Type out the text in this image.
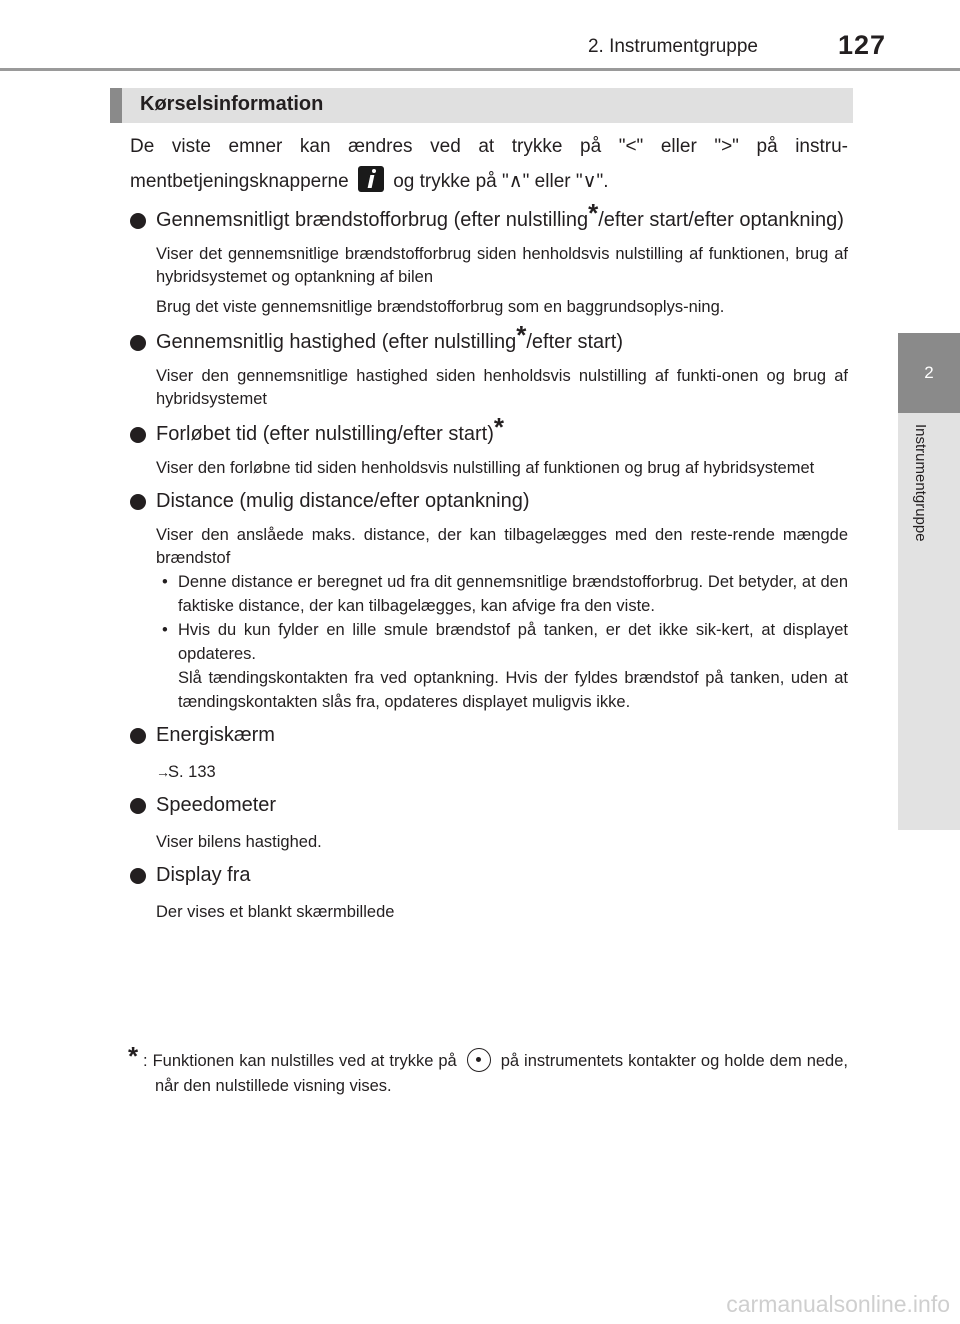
2. Instrumentgruppe	127
2
Instrumentgruppe
Kørselsinformation

De viste emner kan ændres ved at trykke på "<" eller ">" på instru-mentbetjeningsknapperne og trykke på "∧" eller "∨".

Gennemsnitligt brændstofforbrug (efter nulstilling*/efter start/efter optankning)

Viser det gennemsnitlige brændstofforbrug siden henholdsvis nulstilling af funktionen, brug af hybridsystemet og optankning af bilen

Brug det viste gennemsnitlige brændstofforbrug som en baggrundsoplys-ning.

Gennemsnitlig hastighed (efter nulstilling*/efter start)

Viser den gennemsnitlige hastighed siden henholdsvis nulstilling af funkti-onen og brug af hybridsystemet

Forløbet tid (efter nulstilling/efter start)*

Viser den forløbne tid siden henholdsvis nulstilling af funktionen og brug af hybridsystemet

Distance (mulig distance/efter optankning)

Viser den anslåede maks. distance, der kan tilbagelægges med den reste-rende mængde brændstof

• Denne distance er beregnet ud fra dit gennemsnitlige brændstofforbrug. Det betyder, at den faktiske distance, der kan tilbagelægges, kan afvige fra den viste.
• Hvis du kun fylder en lille smule brændstof på tanken, er det ikke sik-kert, at displayet opdateres.
Slå tændingskontakten fra ved optankning. Hvis der fyldes brændstof på tanken, uden at tændingskontakten slås fra, opdateres displayet muligvis ikke.
Energiskærm

→S. 133

Speedometer

Viser bilens hastighed.

Display fra

Der vises et blankt skærmbillede

* : Funktionen kan nulstilles ved at trykke på	på instrumentets kontakter og holde dem nede, når den nulstillede visning vises.
carmanualsonline.info
